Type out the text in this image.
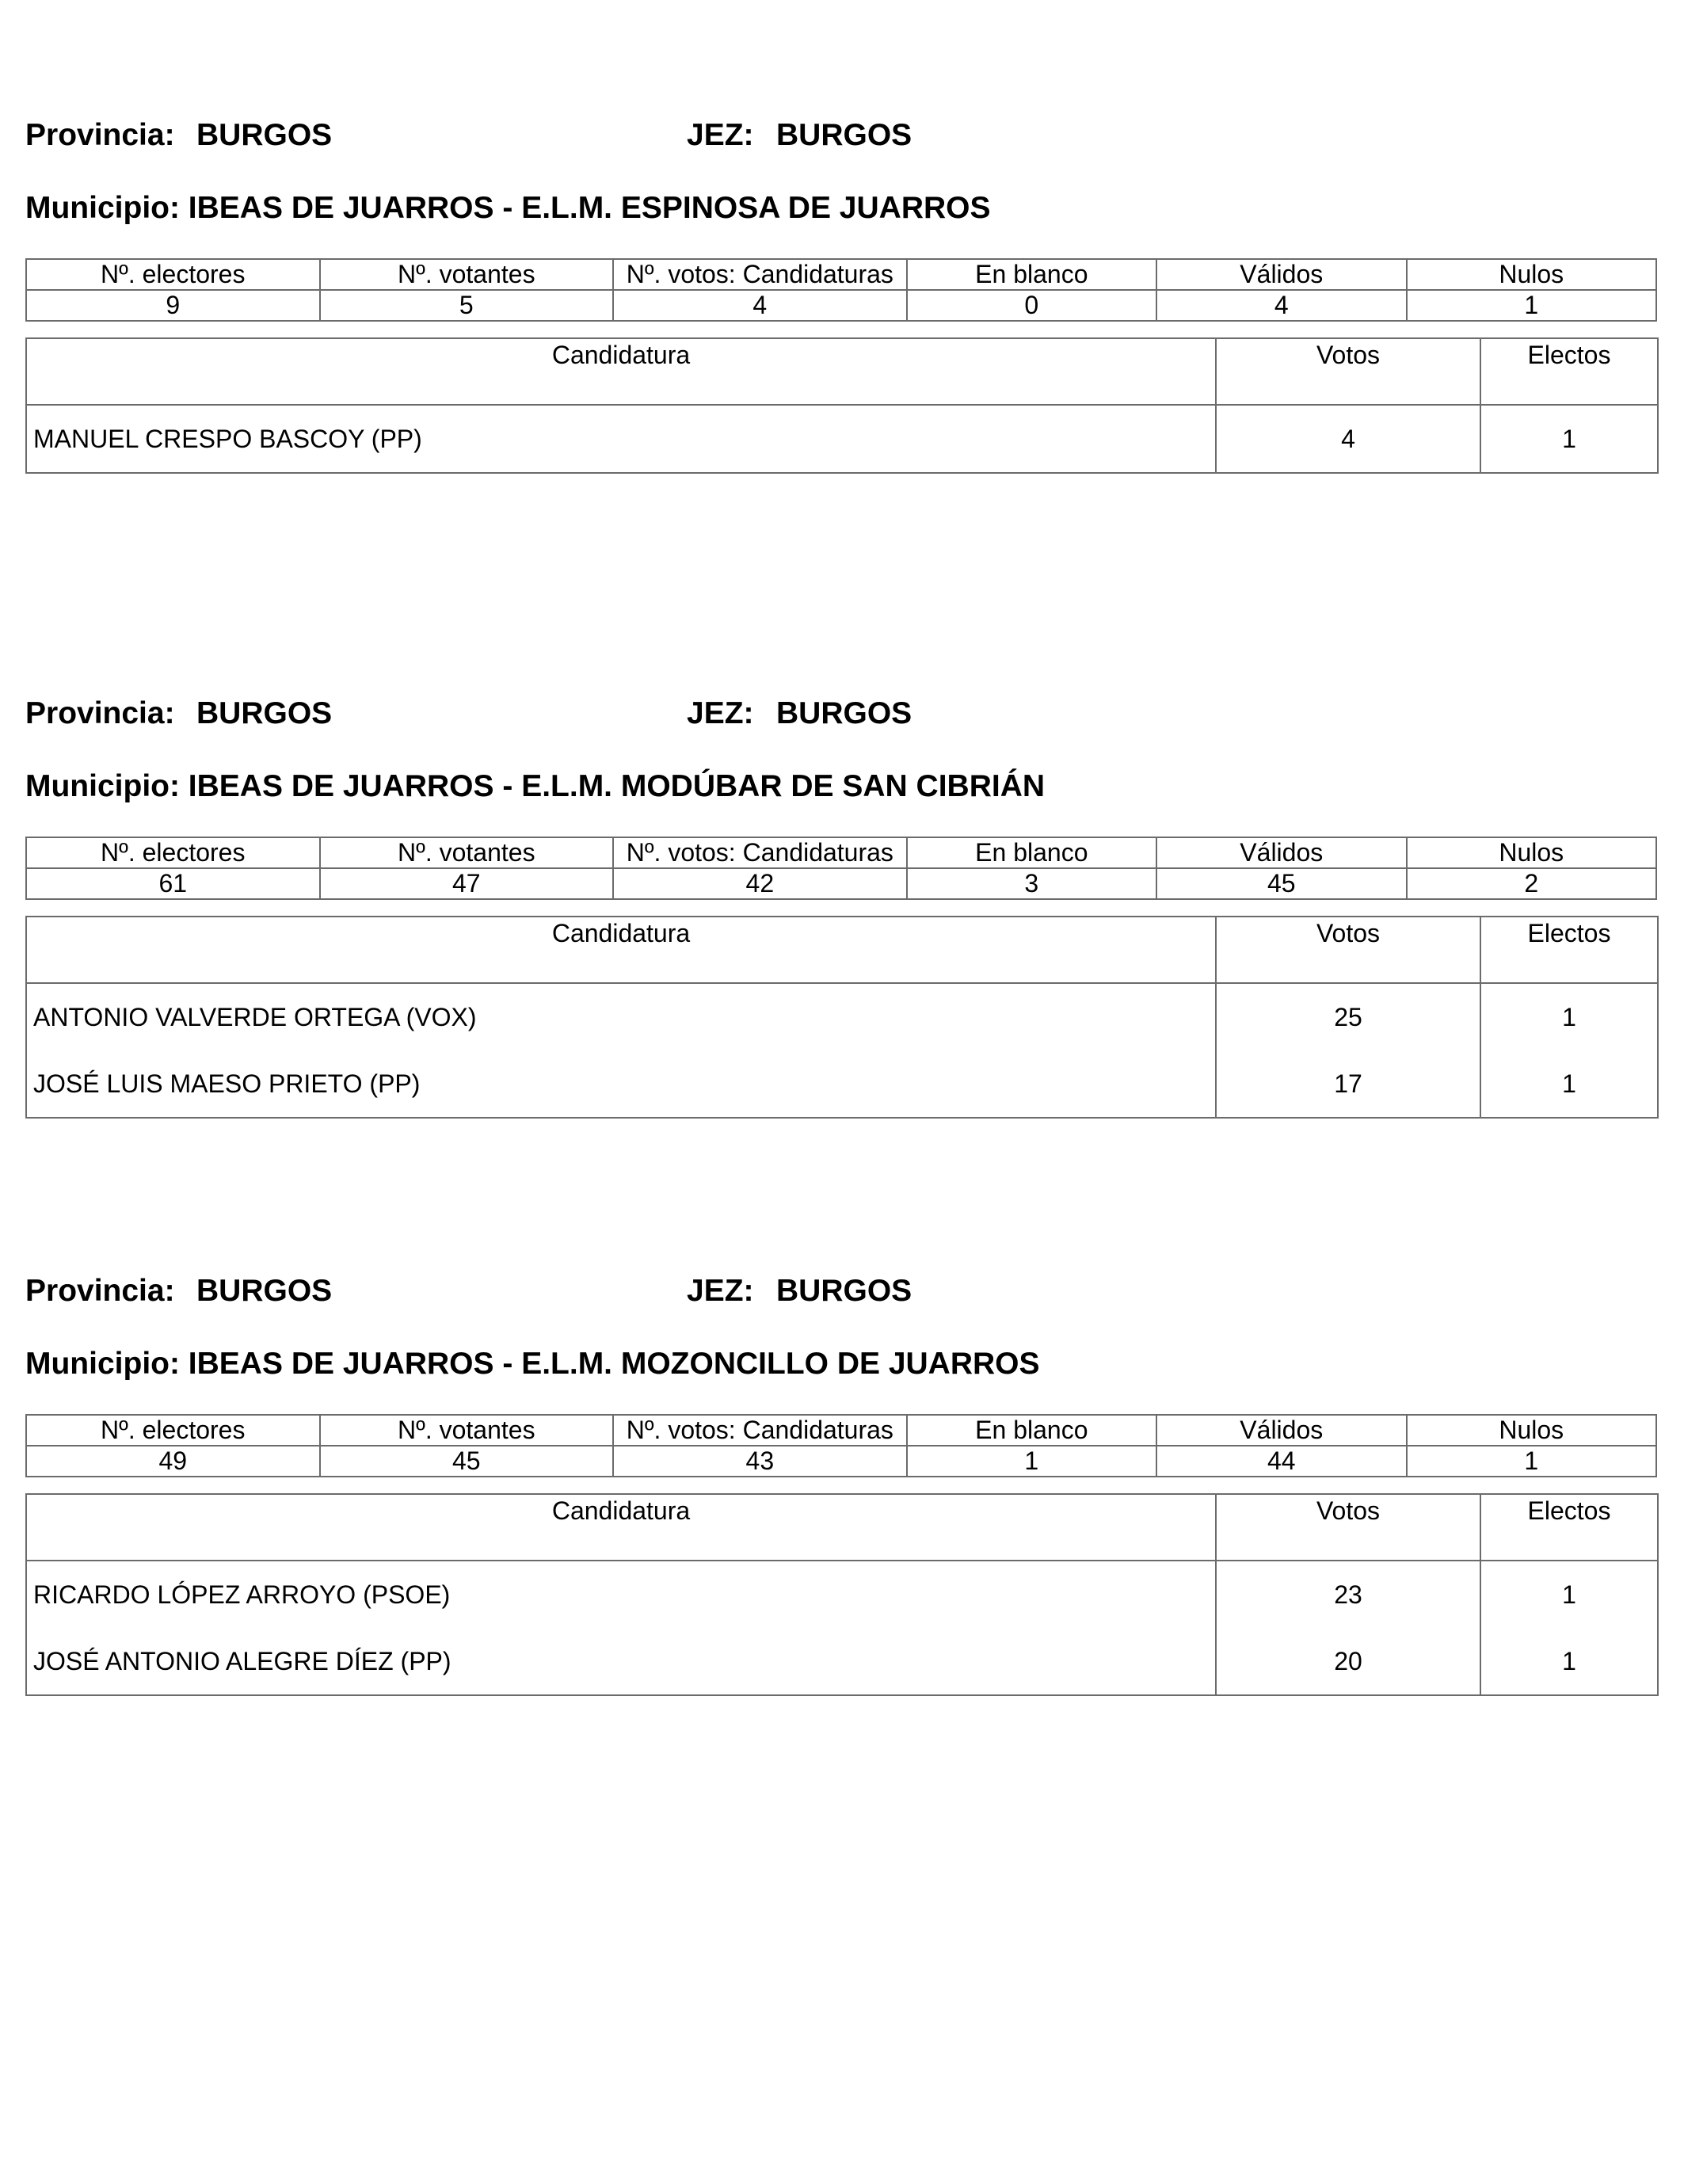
Provincia: BURGOS	JEZ: BURGOS
Municipio: IBEAS DE JUARROS - E.L.M. ESPINOSA DE JUARROS
Nº. electores	Nº. votantes	Nº. votos: Candidaturas	En blanco	Válidos	Nulos
9	5	4	0	4	1
Candidatura	Votos	Electos
MANUEL CRESPO BASCOY (PP)	4	1
Provincia: BURGOS	JEZ: BURGOS
Municipio: IBEAS DE JUARROS - E.L.M. MODÚBAR DE SAN CIBRIÁN
Nº. electores	Nº. votantes	Nº. votos: Candidaturas	En blanco	Válidos	Nulos
61	47	42	3	45	2
Candidatura	Votos	Electos
ANTONIO VALVERDE ORTEGA (VOX)	25	1
JOSÉ LUIS MAESO PRIETO (PP)	17	1
Provincia: BURGOS	JEZ: BURGOS
Municipio: IBEAS DE JUARROS - E.L.M. MOZONCILLO DE JUARROS
Nº. electores	Nº. votantes	Nº. votos: Candidaturas	En blanco	Válidos	Nulos
49	45	43	1	44	1
Candidatura	Votos	Electos
RICARDO LÓPEZ ARROYO (PSOE)	23	1
JOSÉ ANTONIO ALEGRE DÍEZ (PP)	20	1
